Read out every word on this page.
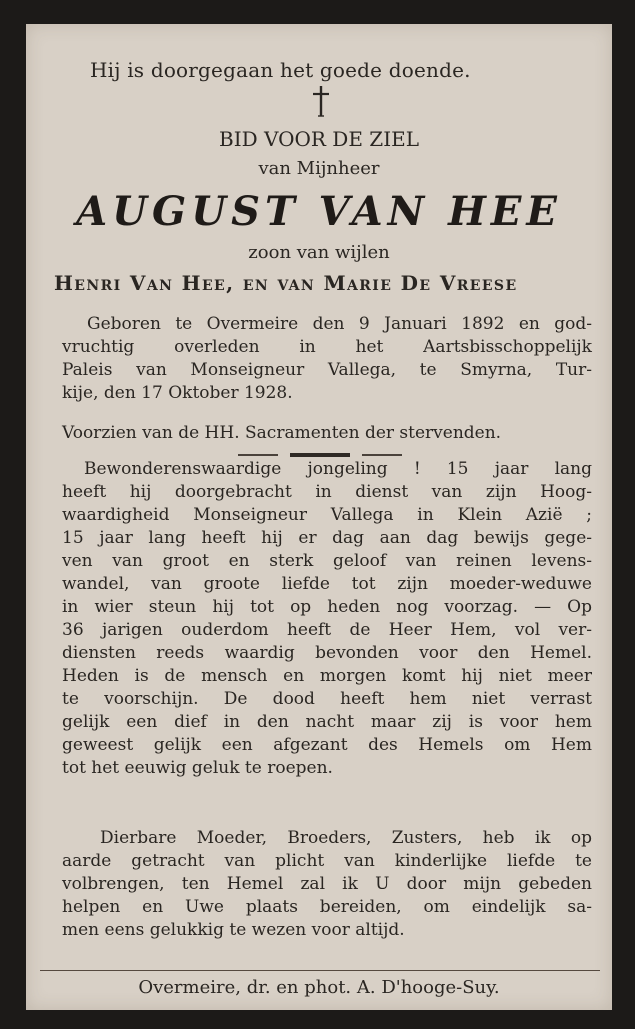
Hij is doorgegaan het goede doende.
BID VOOR DE ZIEL
van Mijnheer
AUGUST VAN HEE
zoon van wijlen
Henri Van Hee, en van Marie De Vreese
Geboren te Overmeire den 9 Januari 1892 en god-
vruchtig overleden in het Aartsbisschoppelijk
Paleis van Monseigneur Vallega, te Smyrna, Tur-
kije, den 17 Oktober 1928.
Voorzien van de HH. Sacramenten der stervenden.
Bewonderenswaardige jongeling ! 15 jaar lang
heeft hij doorgebracht in dienst van zijn Hoog-
waardigheid Monseigneur Vallega in Klein Azië ;
15 jaar lang heeft hij er dag aan dag bewijs gege-
ven van groot en sterk geloof van reinen levens-
wandel, van groote liefde tot zijn moeder-weduwe
in wier steun hij tot op heden nog voorzag. — Op
36 jarigen ouderdom heeft de Heer Hem, vol ver-
diensten reeds waardig bevonden voor den Hemel.
Heden is de mensch en morgen komt hij niet meer
te voorschijn. De dood heeft hem niet verrast
gelijk een dief in den nacht maar zij is voor hem
geweest gelijk een afgezant des Hemels om Hem
tot het eeuwig geluk te roepen.
Dierbare Moeder, Broeders, Zusters, heb ik op
aarde getracht van plicht van kinderlijke liefde te
volbrengen, ten Hemel zal ik U door mijn gebeden
helpen en Uwe plaats bereiden, om eindelijk sa-
men eens gelukkig te wezen voor altijd.
Overmeire, dr. en phot. A. D'hooge-Suy.
